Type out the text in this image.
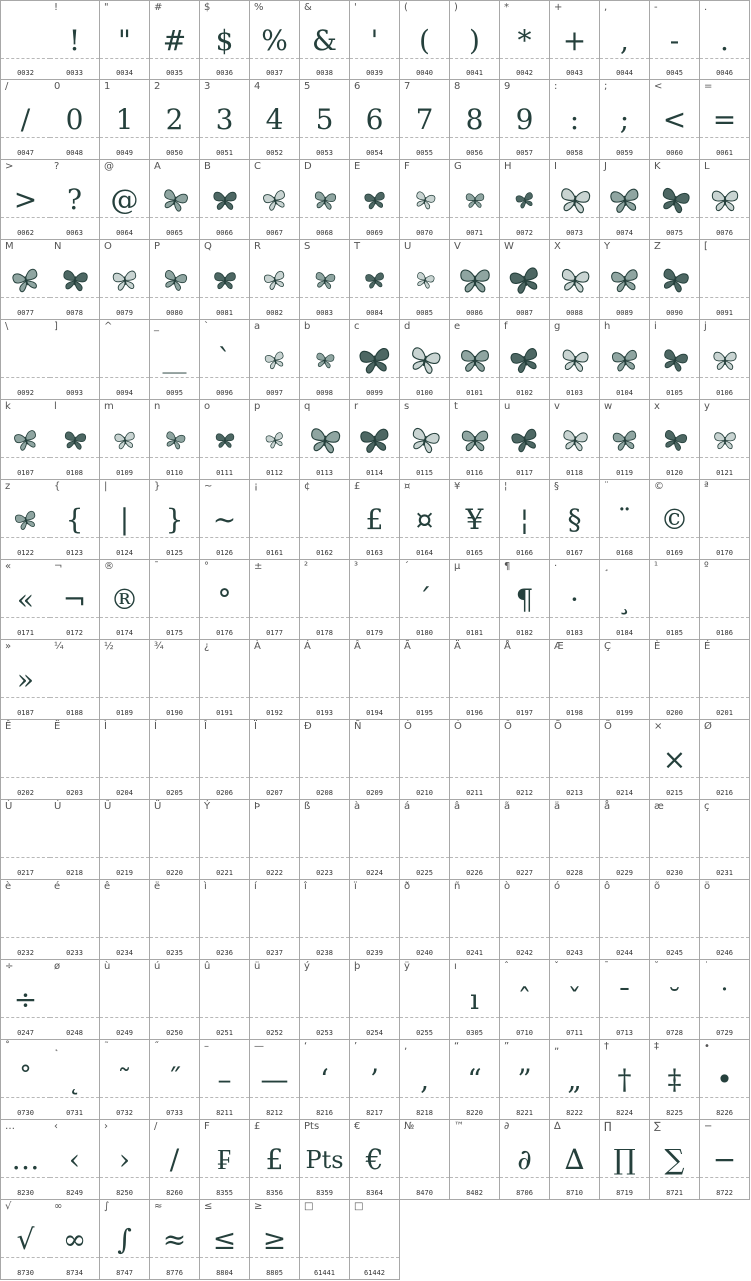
0032
!
!
0033
"
"
0034
#
#
0035
$
$
0036
%
%
0037
&
&
0038
'
'
0039
(
(
0040
)
)
0041
*
*
0042
+
+
0043
,
,
0044
-
-
0045
.
.
0046
/
/
0047
0
0
0048
1
1
0049
2
2
0050
3
3
0051
4
4
0052
5
5
0053
6
6
0054
7
7
0055
8
8
0056
9
9
0057
:
:
0058
;
;
0059
<
<
0060
=
=
0061
>
>
0062
?
?
0063
@
@
0064
A
0065
B
0066
C
0067
D
0068
E
0069
F
0070
G
0071
H
0072
I
0073
J
0074
K
0075
L
0076
M
0077
N
0078
O
0079
P
0080
Q
0081
R
0082
S
0083
T
0084
U
0085
V
0086
W
0087
X
0088
Y
0089
Z
0090
[
0091
\
0092
]
0093
^
0094
_
__
0095
`
`
0096
a
0097
b
0098
c
0099
d
0100
e
0101
f
0102
g
0103
h
0104
i
0105
j
0106
k
0107
l
0108
m
0109
n
0110
o
0111
p
0112
q
0113
r
0114
s
0115
t
0116
u
0117
v
0118
w
0119
x
0120
y
0121
z
0122
{
{
0123
|
|
0124
}
}
0125
~
~
0126
¡
0161
¢
0162
£
£
0163
¤
¤
0164
¥
¥
0165
¦
¦
0166
§
§
0167
¨
¨
0168
©
©
0169
ª
0170
«
«
0171
¬
¬
0172
®
®
0174
¯
0175
°
°
0176
±
0177
²
0178
³
0179
´
´
0180
µ
0181
¶
¶
0182
·
·
0183
¸
¸
0184
¹
0185
º
0186
»
»
0187
¼
0188
½
0189
¾
0190
¿
0191
À
0192
Á
0193
Â
0194
Ã
0195
Ä
0196
Å
0197
Æ
0198
Ç
0199
È
0200
É
0201
Ê
0202
Ë
0203
Ì
0204
Í
0205
Î
0206
Ï
0207
Ð
0208
Ñ
0209
Ò
0210
Ó
0211
Ô
0212
Õ
0213
Ö
0214
×
×
0215
Ø
0216
Ù
0217
Ú
0218
Û
0219
Ü
0220
Ý
0221
Þ
0222
ß
0223
à
0224
á
0225
â
0226
ã
0227
ä
0228
å
0229
æ
0230
ç
0231
è
0232
é
0233
ê
0234
ë
0235
ì
0236
í
0237
î
0238
ï
0239
ð
0240
ñ
0241
ò
0242
ó
0243
ô
0244
õ
0245
ö
0246
÷
÷
0247
ø
0248
ù
0249
ú
0250
û
0251
ü
0252
ý
0253
þ
0254
ÿ
0255
ı
ı
0305
ˆ
ˆ
0710
ˇ
ˇ
0711
ˉ
ˉ
0713
˘
˘
0728
˙
˙
0729
˚
˚
0730
˛
˛
0731
˜
˜
0732
˝
˝
0733
–
–
8211
—
—
8212
‘
‘
8216
’
’
8217
‚
‚
8218
“
“
8220
”
”
8221
„
„
8222
†
†
8224
‡
‡
8225
•
•
8226
…
…
8230
‹
‹
8249
›
›
8250
/
/
8260
F
₣
8355
£
£
8356
Pts
Pts
8359
€
€
8364
№
8470
™
8482
∂
∂
8706
∆
∆
8710
∏
∏
8719
∑
∑
8721
−
−
8722
√
√
8730
∞
∞
8734
∫
∫
8747
≈
≈
8776
≤
≤
8804
≥
≥
8805
□
61441
□
61442
